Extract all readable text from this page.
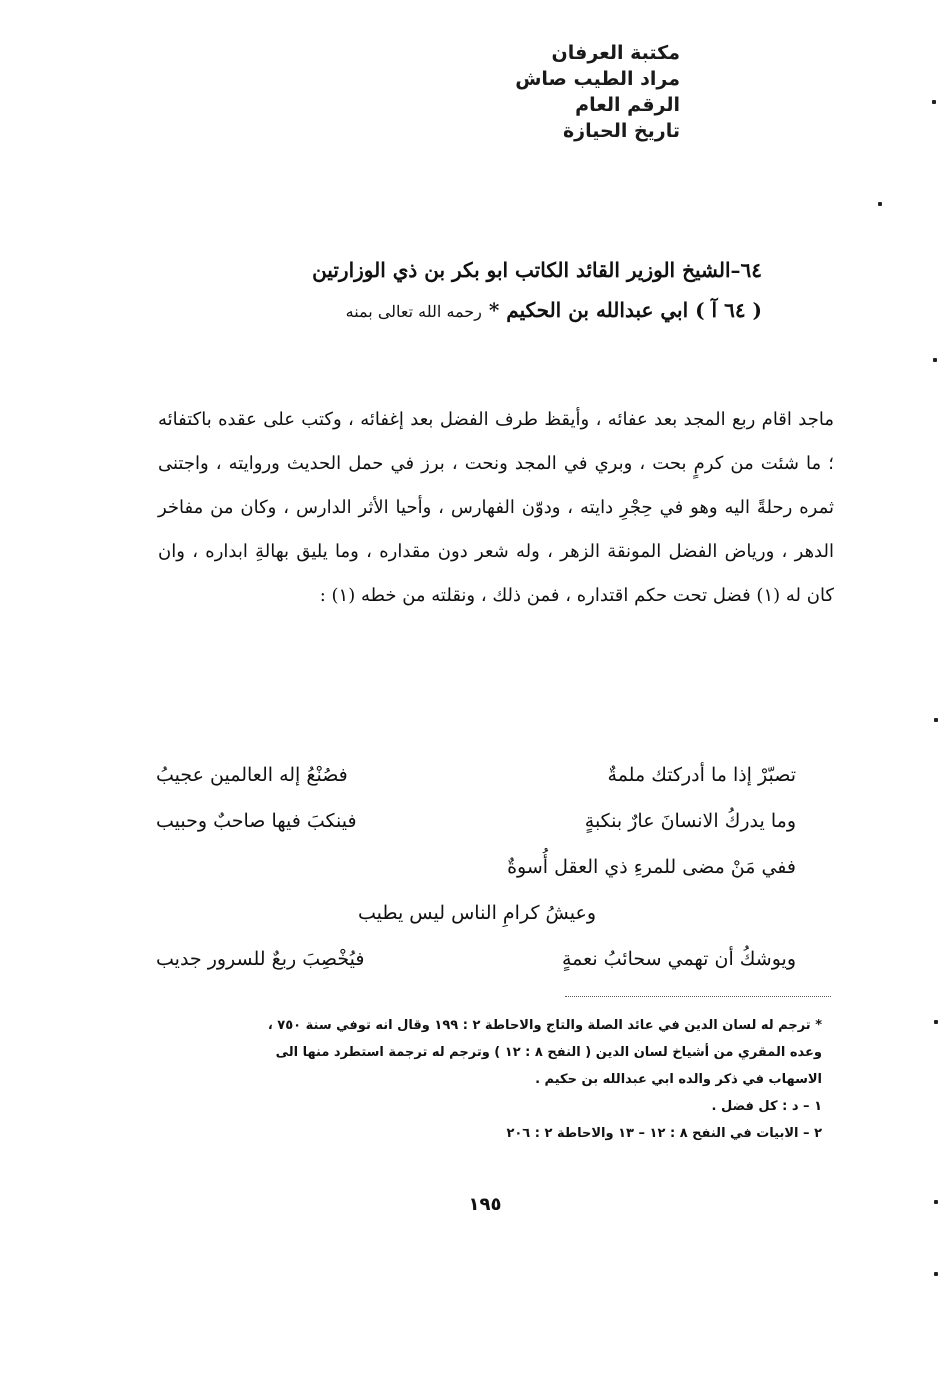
مكتبة العرفان
مراد الطيب صاش
الرقم العام
تاريخ الحيازة
٦٤–الشيخ الوزير القائد الكاتب ابو بكر بن ذي الوزارتين
( ٦٤ آ ) ابي عبدالله بن الحكيم * رحمه الله تعالى بمنه
ماجد اقام ربع المجد بعد عفائه ، وأيقظ طرف الفضل بعد إغفائه ، وكتب على عقده باكتفائه ؛ ما شئت من كرمٍ بحت ، وبري في المجد ونحت ، برز في حمل الحديث وروايته ، واجتنى ثمره رحلةً اليه وهو في حِجْرِ دايته ، ودوّن الفهارس ، وأحيا الأثر الدارس ، وكان من مفاخر الدهر ، ورياض الفضل المونقة الزهر ، وله شعر دون مقداره ، وما يليق بهالةِ ابداره ، وان كان له (١) فضل تحت حكم اقتداره ، فمن ذلك ، ونقلته من خطه (١) :
تصبّرْ إذا ما أدركتك ملمةٌ
فصُنْعُ إله العالمين عجيبُ
وما يدركُ الانسانَ عارٌ بنكبةٍ
فينكبَ فيها صاحبٌ وحبيب
ففي مَنْ مضى للمرءِ ذي العقل أُسوةٌ
وعيشُ كرامِ الناس ليس يطيب
ويوشكُ أن تهمي سحائبُ نعمةٍ
فيُخْصِبَ ربعٌ للسرور جديب
* ترجم له لسان الدين في عائد الصلة والتاج والاحاطة ٢ : ١٩٩ وقال انه توفي سنة ٧٥٠ ،
وعده المقري من أشياخ لسان الدين ( النفح ٨ : ١٢ ) وترجم له ترجمة استطرد منها الى
الاسهاب في ذكر والده ابي عبدالله بن حكيم .
١ – د : كل فضل .
٢ – الابيات في النفح ٨ : ١٢ – ١٣ والاحاطة ٢ : ٢٠٦
١٩٥
